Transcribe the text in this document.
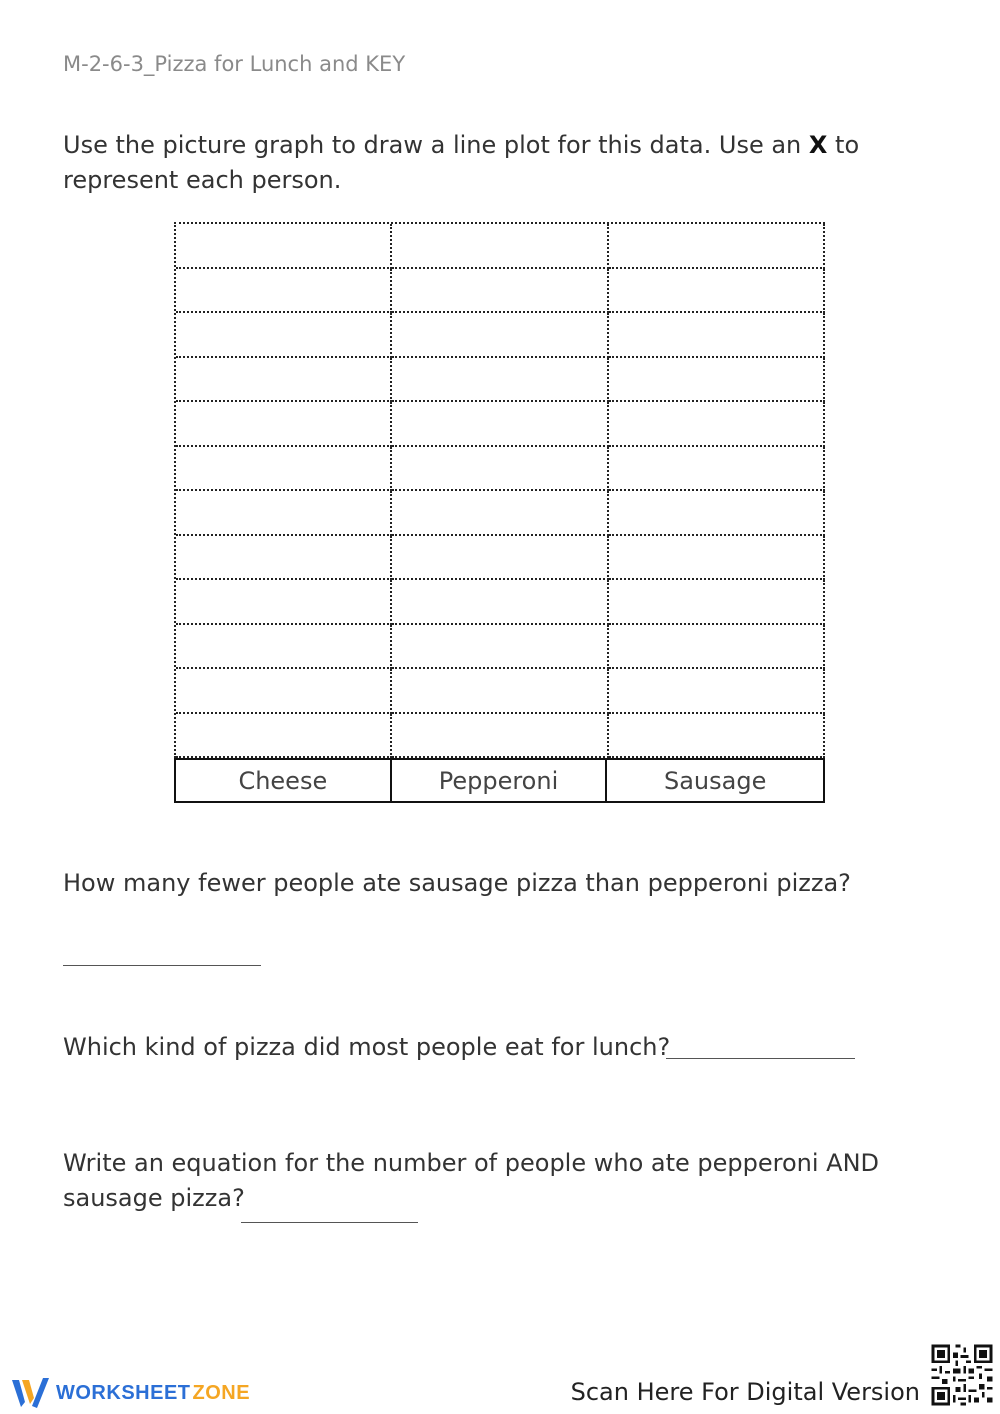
M-2-6-3_Pizza for Lunch and KEY
Use the picture graph to draw a line plot for this data. Use an X to represent each person.
Cheese	Pepperoni	Sausage
How many fewer people ate sausage pizza than pepperoni pizza?
Which kind of pizza did most people eat for lunch?
Write an equation for the number of people who ate pepperoni AND sausage pizza?
WORKSHEET ZONE	Scan Here For Digital Version
